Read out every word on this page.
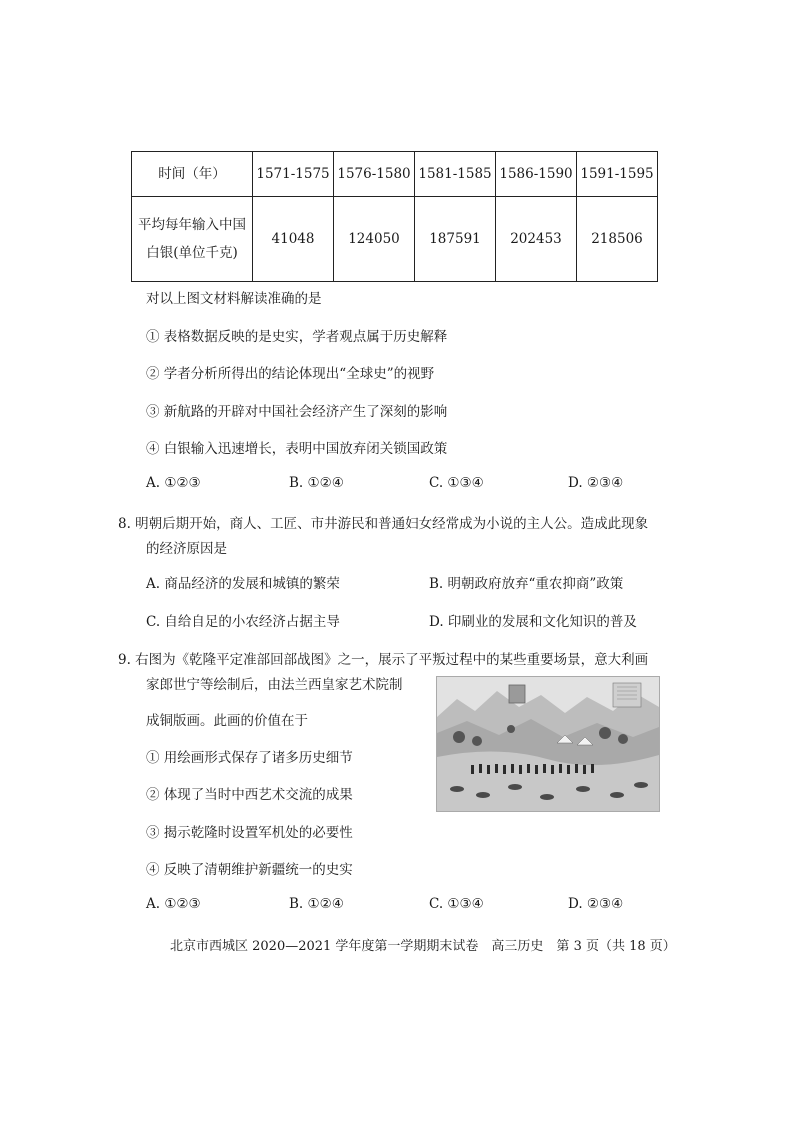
时间（年）	1571-1575	1576-1580	1581-1585	1586-1590	1591-1595

平均每年输入中国
白银(单位千克)	41048	124050	187591	202453	218506
对以上图文材料解读准确的是
① 表格数据反映的是史实，学者观点属于历史解释
② 学者分析所得出的结论体现出“全球史”的视野
③ 新航路的开辟对中国社会经济产生了深刻的影响
④ 白银输入迅速增长，表明中国放弃闭关锁国政策
A. ①②③	B. ①②④	C. ①③④	D. ②③④
8. 明朝后期开始，商人、工匠、市井游民和普通妇女经常成为小说的主人公。造成此现象
的经济原因是
A. 商品经济的发展和城镇的繁荣	B. 明朝政府放弃“重农抑商”政策
C. 自给自足的小农经济占据主导	D. 印刷业的发展和文化知识的普及
9. 右图为《乾隆平定准部回部战图》之一，展示了平叛过程中的某些重要场景，意大利画
家郎世宁等绘制后，由法兰西皇家艺术院制
成铜版画。此画的价值在于
① 用绘画形式保存了诸多历史细节
② 体现了当时中西艺术交流的成果
③ 揭示乾隆时设置军机处的必要性
④ 反映了清朝维护新疆统一的史实
A. ①②③	B. ①②④	C. ①③④	D. ②③④
北京市西城区 2020—2021 学年度第一学期期末试卷　高三历史　第 3 页（共 18 页）
